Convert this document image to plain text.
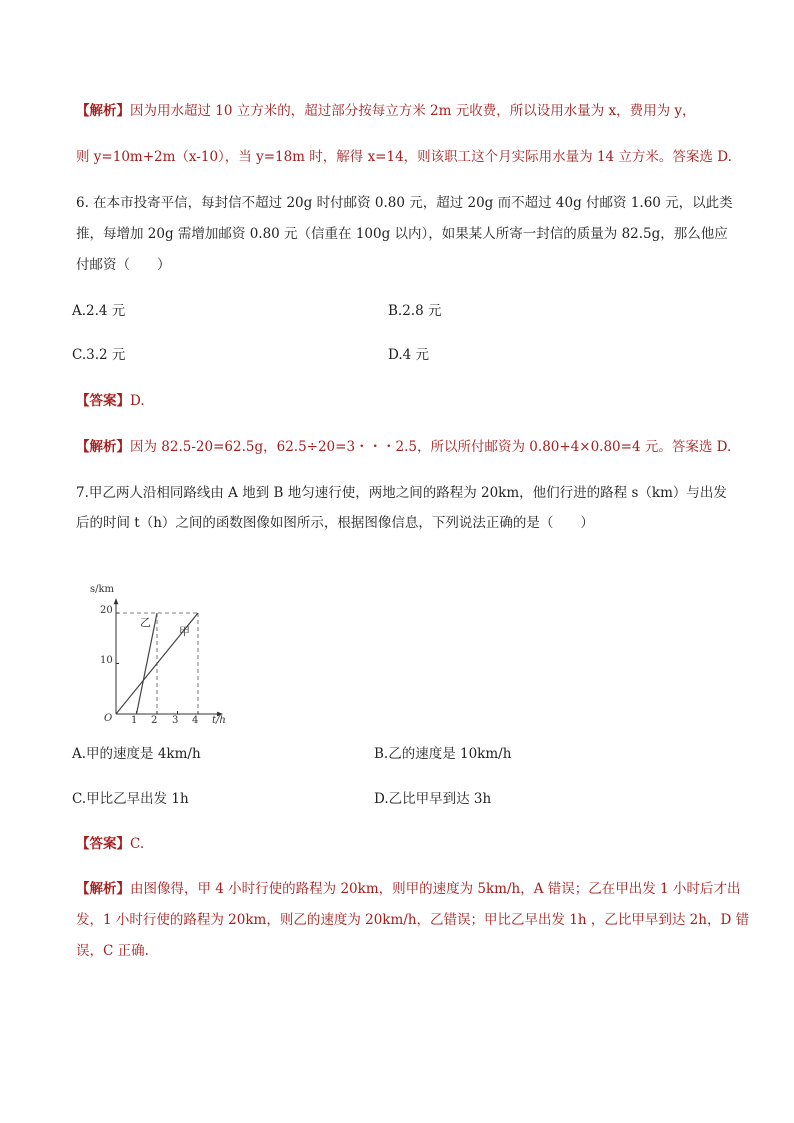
【解析】因为用水超过 10 立方米的，超过部分按每立方米 2m 元收费，所以设用水量为 x，费用为 y，
则 y=10m+2m（x-10），当 y=18m 时，解得 x=14，则该职工这个月实际用水量为 14 立方米。答案选 D.
6. 在本市投寄平信，每封信不超过 20g 时付邮资 0.80 元，超过 20g 而不超过 40g 付邮资 1.60 元，以此类
推，每增加 20g 需增加邮资 0.80 元（信重在 100g 以内），如果某人所寄一封信的质量为 82.5g，那么他应
付邮资（　　）
A.2.4 元	B.2.8 元
C.3.2 元	D.4 元
【答案】D.
【解析】因为 82.5-20=62.5g，62.5÷20=3・・・2.5，所以所付邮资为 0.80+4×0.80=4 元。答案选 D.
7.甲乙两人沿相同路线由 A 地到 B 地匀速行使，两地之间的路程为 20km，他们行进的路程 s（km）与出发
后的时间 t（h）之间的函数图像如图所示，根据图像信息，下列说法正确的是（　　）
s/km
t/h
O
20
10
1 2 3 4
乙
甲
A.甲的速度是 4km/h	B.乙的速度是 10km/h
C.甲比乙早出发 1h	D.乙比甲早到达 3h
【答案】C.
【解析】由图像得，甲 4 小时行使的路程为 20km，则甲的速度为 5km/h，A 错误；乙在甲出发 1 小时后才出
发，1 小时行使的路程为 20km，则乙的速度为 20km/h，乙错误；甲比乙早出发 1h ，乙比甲早到达 2h，D 错
误，C 正确.
